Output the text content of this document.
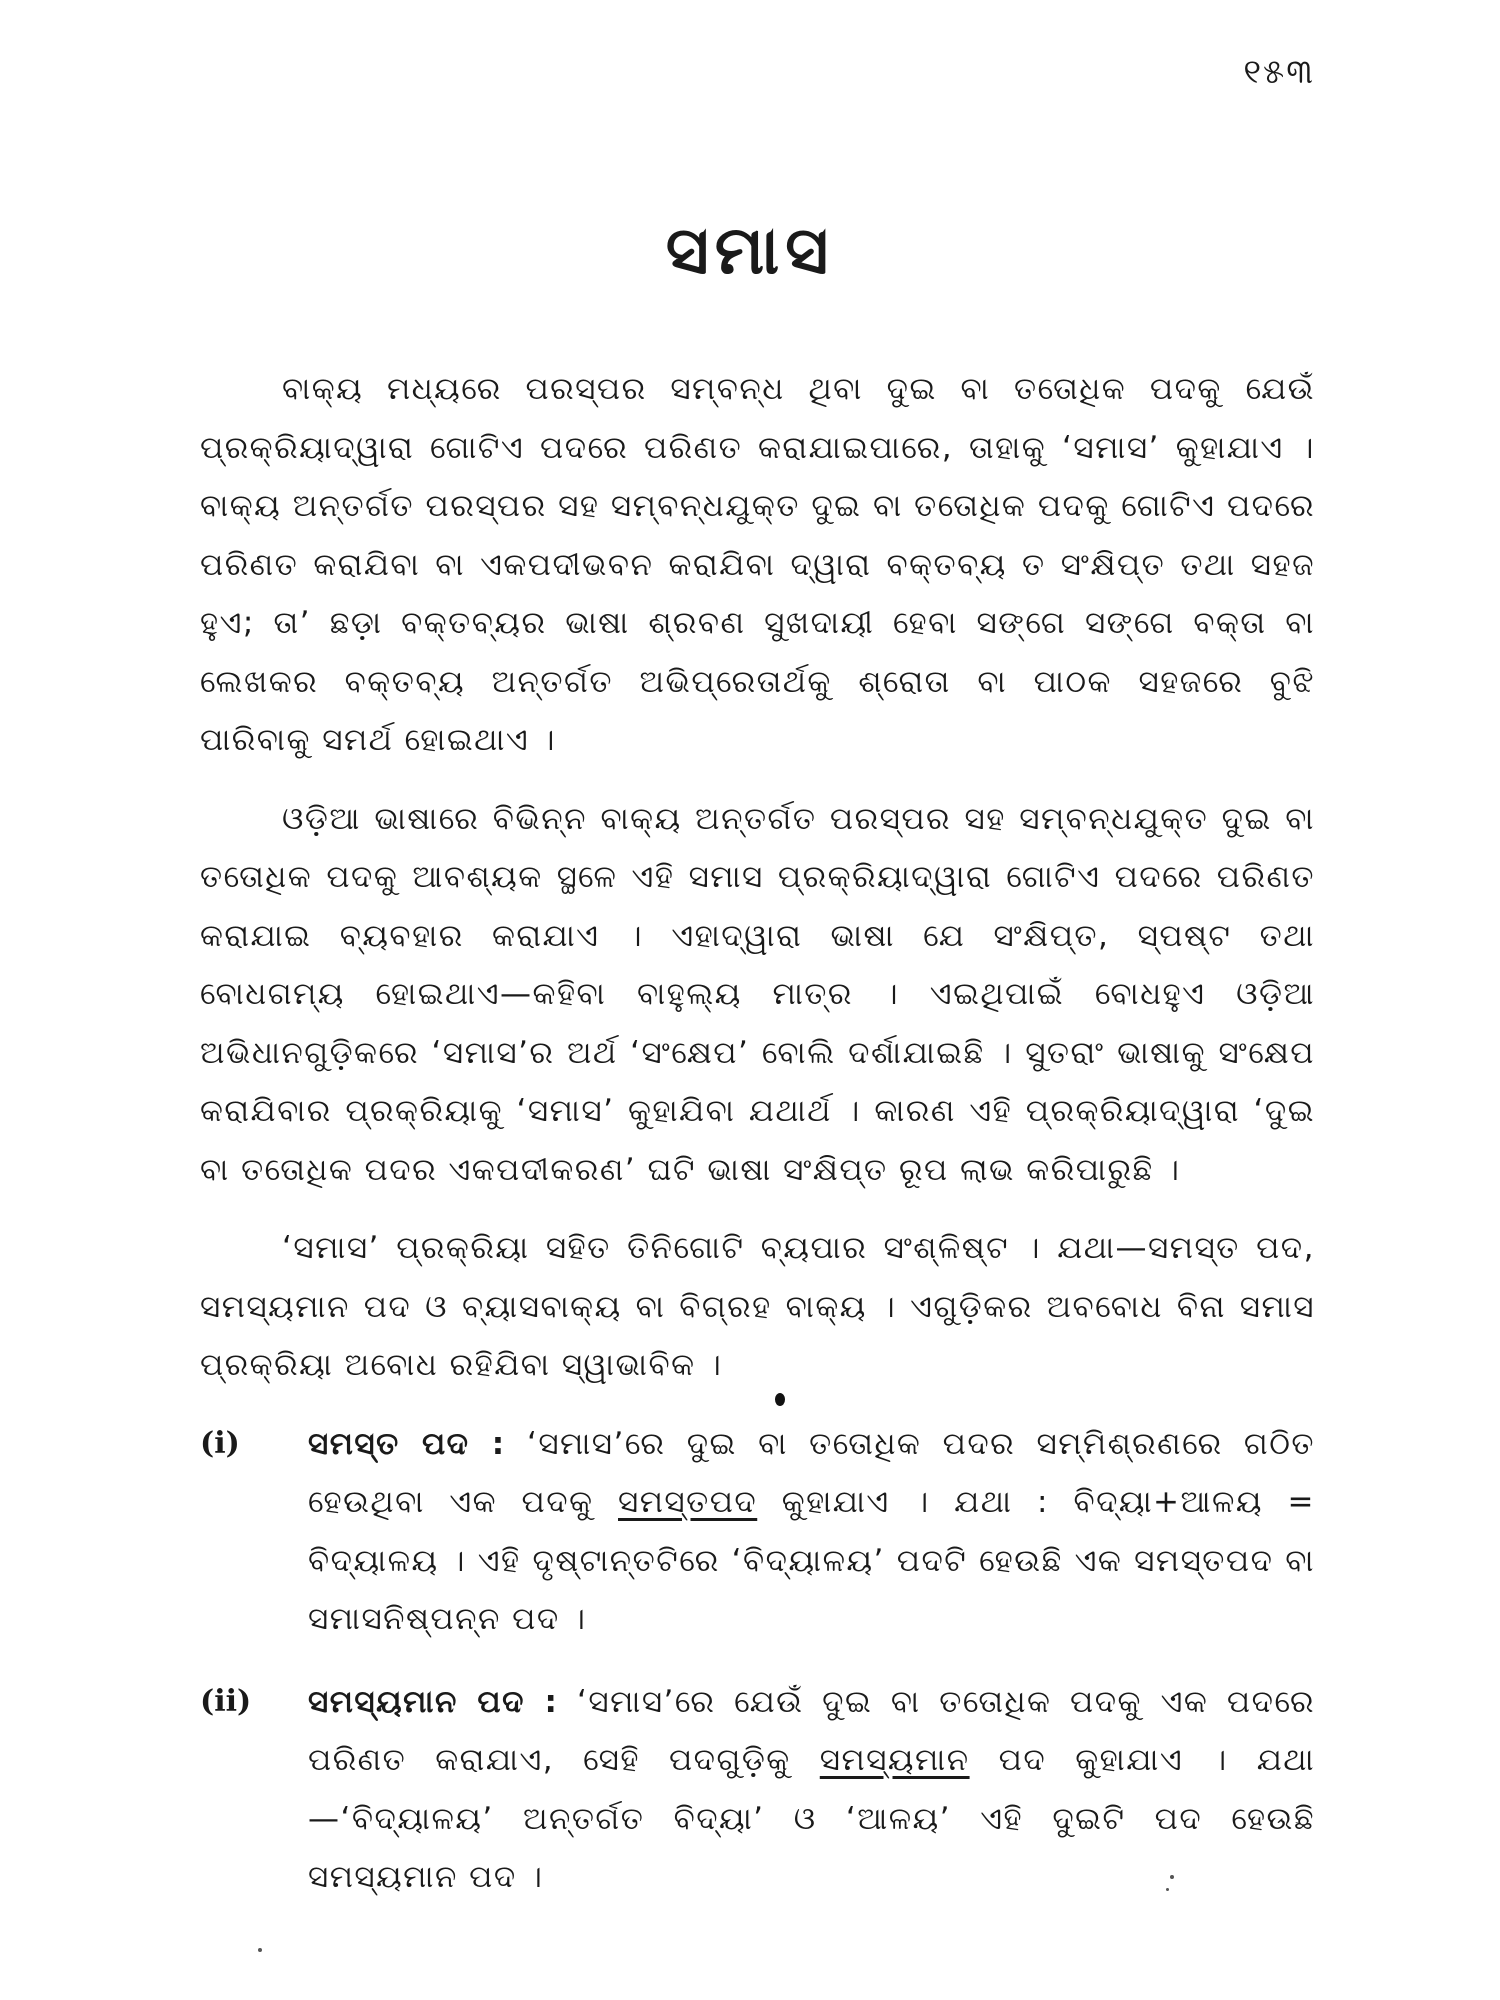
୧୫୩
ସମାସ

ବାକ୍ୟ ମଧ୍ୟରେ ପରସ୍ପର ସମ୍ବନ୍ଧ ଥିବା ଦୁଇ ବା ତତୋଧିକ ପଦକୁ ଯେଉଁ ପ୍ରକ୍ରିୟାଦ୍ୱାରା ଗୋଟିଏ ପଦରେ ପରିଣତ କରାଯାଇପାରେ, ତାହାକୁ ‘ସମାସ’ କୁହାଯାଏ । ବାକ୍ୟ ଅନ୍ତର୍ଗତ ପରସ୍ପର ସହ ସମ୍ବନ୍ଧଯୁକ୍ତ ଦୁଇ ବା ତତୋଧିକ ପଦକୁ ଗୋଟିଏ ପଦରେ ପରିଣତ କରାଯିବା ବା ଏକପଦୀଭବନ କରାଯିବା ଦ୍ୱାରା ବକ୍ତବ୍ୟ ତ ସଂକ୍ଷିପ୍ତ ତଥା ସହଜ ହୁଏ; ତା’ ଛଡ଼ା ବକ୍ତବ୍ୟର ଭାଷା ଶ୍ରବଣ ସୁଖଦାୟୀ ହେବା ସଙ୍ଗେ ସଙ୍ଗେ ବକ୍ତା ବା ଲେଖକର ବକ୍ତବ୍ୟ ଅନ୍ତର୍ଗତ ଅଭିପ୍ରେତାର୍ଥକୁ ଶ୍ରୋତା ବା ପାଠକ ସହଜରେ ବୁଝି ପାରିବାକୁ ସମର୍ଥ ହୋଇଥାଏ ।

ଓଡ଼ିଆ ଭାଷାରେ ବିଭିନ୍ନ ବାକ୍ୟ ଅନ୍ତର୍ଗତ ପରସ୍ପର ସହ ସମ୍ବନ୍ଧଯୁକ୍ତ ଦୁଇ ବା ତତୋଧିକ ପଦକୁ ଆବଶ୍ୟକ ସ୍ଥଳେ ଏହି ସମାସ ପ୍ରକ୍ରିୟାଦ୍ୱାରା ଗୋଟିଏ ପଦରେ ପରିଣତ କରାଯାଇ ବ୍ୟବହାର କରାଯାଏ । ଏହାଦ୍ୱାରା ଭାଷା ଯେ ସଂକ୍ଷିପ୍ତ, ସ୍ପଷ୍ଟ ତଥା ବୋଧଗମ୍ୟ ହୋଇଥାଏ—କହିବା ବାହୁଲ୍ୟ ମାତ୍ର । ଏଇଥିପାଇଁ ବୋଧହୁଏ ଓଡ଼ିଆ ଅଭିଧାନଗୁଡ଼ିକରେ ‘ସମାସ’ର ଅର୍ଥ ‘ସଂକ୍ଷେପ’ ବୋଲି ଦର୍ଶାଯାଇଛି । ସୁତରାଂ ଭାଷାକୁ ସଂକ୍ଷେପ କରାଯିବାର ପ୍ରକ୍ରିୟାକୁ ‘ସମାସ’ କୁହାଯିବା ଯଥାର୍ଥ । କାରଣ ଏହି ପ୍ରକ୍ରିୟାଦ୍ୱାରା ‘ଦୁଇ ବା ତତୋଧିକ ପଦର ଏକପଦୀକରଣ’ ଘଟି ଭାଷା ସଂକ୍ଷିପ୍ତ ରୂପ ଲାଭ କରିପାରୁଛି ।

‘ସମାସ’ ପ୍ରକ୍ରିୟା ସହିତ ତିନିଗୋଟି ବ୍ୟପାର ସଂଶ୍ଳିଷ୍ଟ । ଯଥା—ସମସ୍ତ ପଦ, ସମସ୍ୟମାନ ପଦ ଓ ବ୍ୟାସବାକ୍ୟ ବା ବିଗ୍ରହ ବାକ୍ୟ । ଏଗୁଡ଼ିକର ଅବବୋଧ ବିନା ସମାସ ପ୍ରକ୍ରିୟା ଅବୋଧ ରହିଯିବା ସ୍ୱାଭାବିକ ।

(i)	ସମସ୍ତ ପଦ : ‘ସମାସ’ରେ ଦୁଇ ବା ତତୋଧିକ ପଦର ସମ୍ମିଶ୍ରଣରେ ଗଠିତ ହେଉଥିବା ଏକ ପଦକୁ ସମସ୍ତପଦ କୁହାଯାଏ । ଯଥା : ବିଦ୍ୟା+ଆଳୟ = ବିଦ୍ୟାଳୟ । ଏହି ଦୃଷ୍ଟାନ୍ତଟିରେ ‘ବିଦ୍ୟାଳୟ’ ପଦଟି ହେଉଛି ଏକ ସମସ୍ତପଦ ବା ସମାସନିଷ୍ପନ୍ନ ପଦ ।
(ii)	ସମସ୍ୟମାନ ପଦ : ‘ସମାସ’ରେ ଯେଉଁ ଦୁଇ ବା ତତୋଧିକ ପଦକୁ ଏକ ପଦରେ ପରିଣତ କରାଯାଏ, ସେହି ପଦଗୁଡ଼ିକୁ ସମସ୍ୟମାନ ପଦ କୁହାଯାଏ । ଯଥା—‘ବିଦ୍ୟାଳୟ’ ଅନ୍ତର୍ଗତ ବିଦ୍ୟା’ ଓ ‘ଆଳୟ’ ଏହି ଦୁଇଟି ପଦ ହେଉଛି ସମସ୍ୟମାନ ପଦ ।
